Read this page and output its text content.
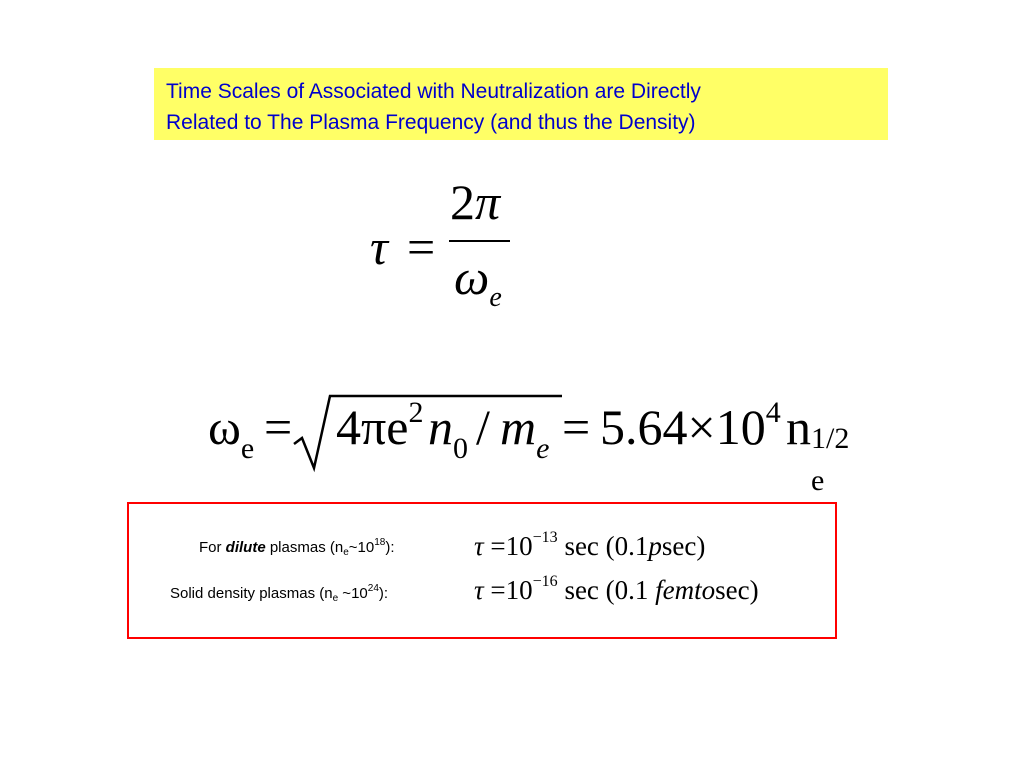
Time Scales of Associated with Neutralization are Directly
Related to The Plasma Frequency (and thus the Density)
τ =
2π
$\omega_e$
$\omega_e = 4\pi e^2$ $n_0 / m_e = 5.64\times 10^4$ n 1/2
e
For dilute plasmas $(n_e\sim 10^{18})$:	$\tau =10^{-13}$ sec (0.1psec)
Solid density plasmas ($n_e$ $\sim 10^{24}$):	$\tau =10^{-16}$ sec (0.1 femtosec)
